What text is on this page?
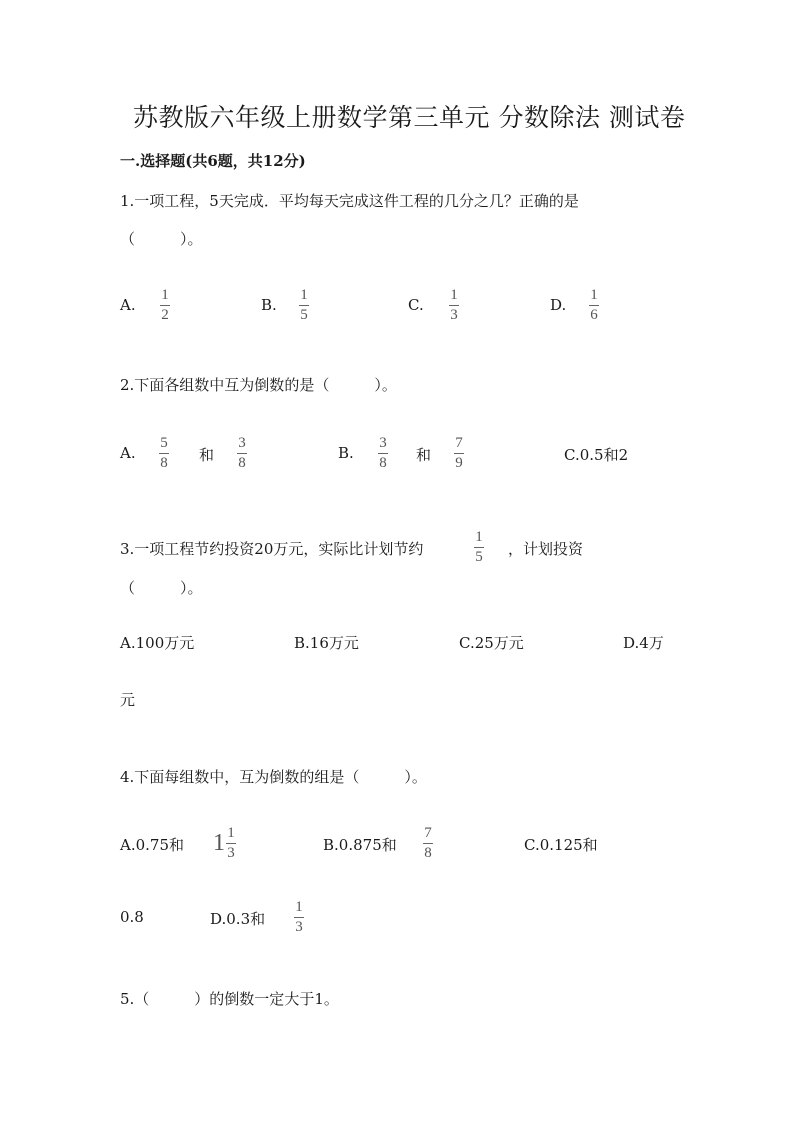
苏教版六年级上册数学第三单元 分数除法 测试卷
一.选择题(共6题，共12分)
1.一项工程，5天完成．平均每天完成这件工程的几分之几？正确的是
（　　　）。
A.
1
2
B.
1
5
C.
1
3
D.
1
6
2.下面各组数中互为倒数的是（　　　）。
A.
5
8 和
3
8
B.
3
8 和
7
9	C.0.5和2
3.一项工程节约投资20万元，实际比计划节约
1
5 ，计划投资
（　　　）。
A.100万元	B.16万元	C.25万元	D.4万
元
4.下面每组数中，互为倒数的组是（　　　）。
A.0.75和 $1 \frac{1}{3}$	B.0.875和
7
8	C.0.125和
0.8	D.0.3和
1
3
5.（　　　）的倒数一定大于1。
